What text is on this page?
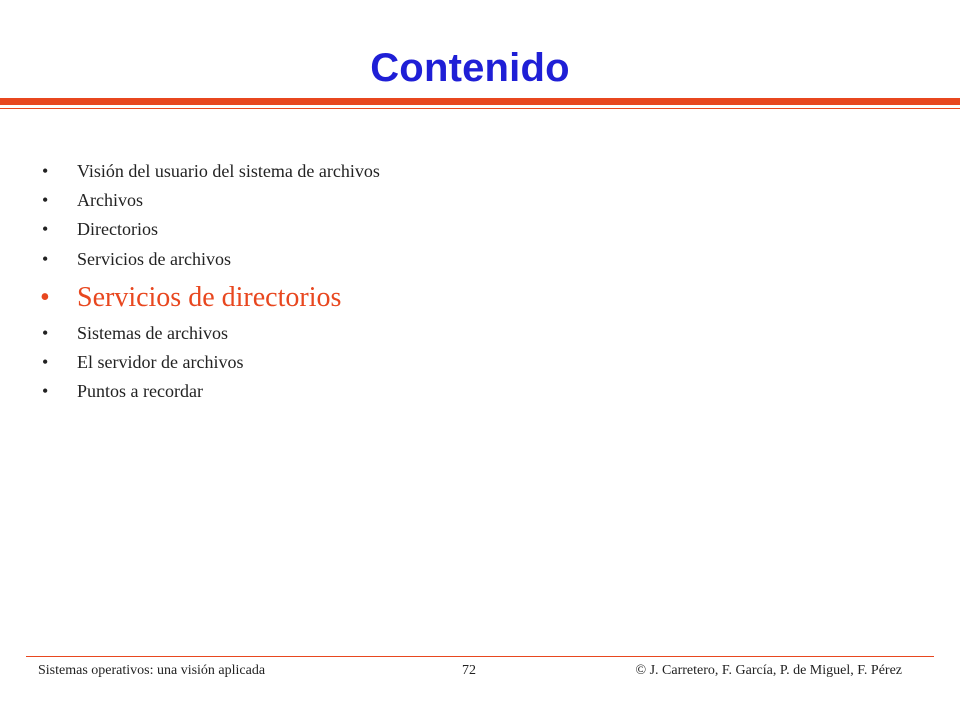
Contenido
• Visión del usuario del sistema de archivos
• Archivos
• Directorios
• Servicios de archivos
• Servicios de directorios
• Sistemas de archivos
• El servidor de archivos
• Puntos a recordar
Sistemas operativos: una visión aplicada	72	© J. Carretero, F. García, P. de Miguel, F. Pérez
